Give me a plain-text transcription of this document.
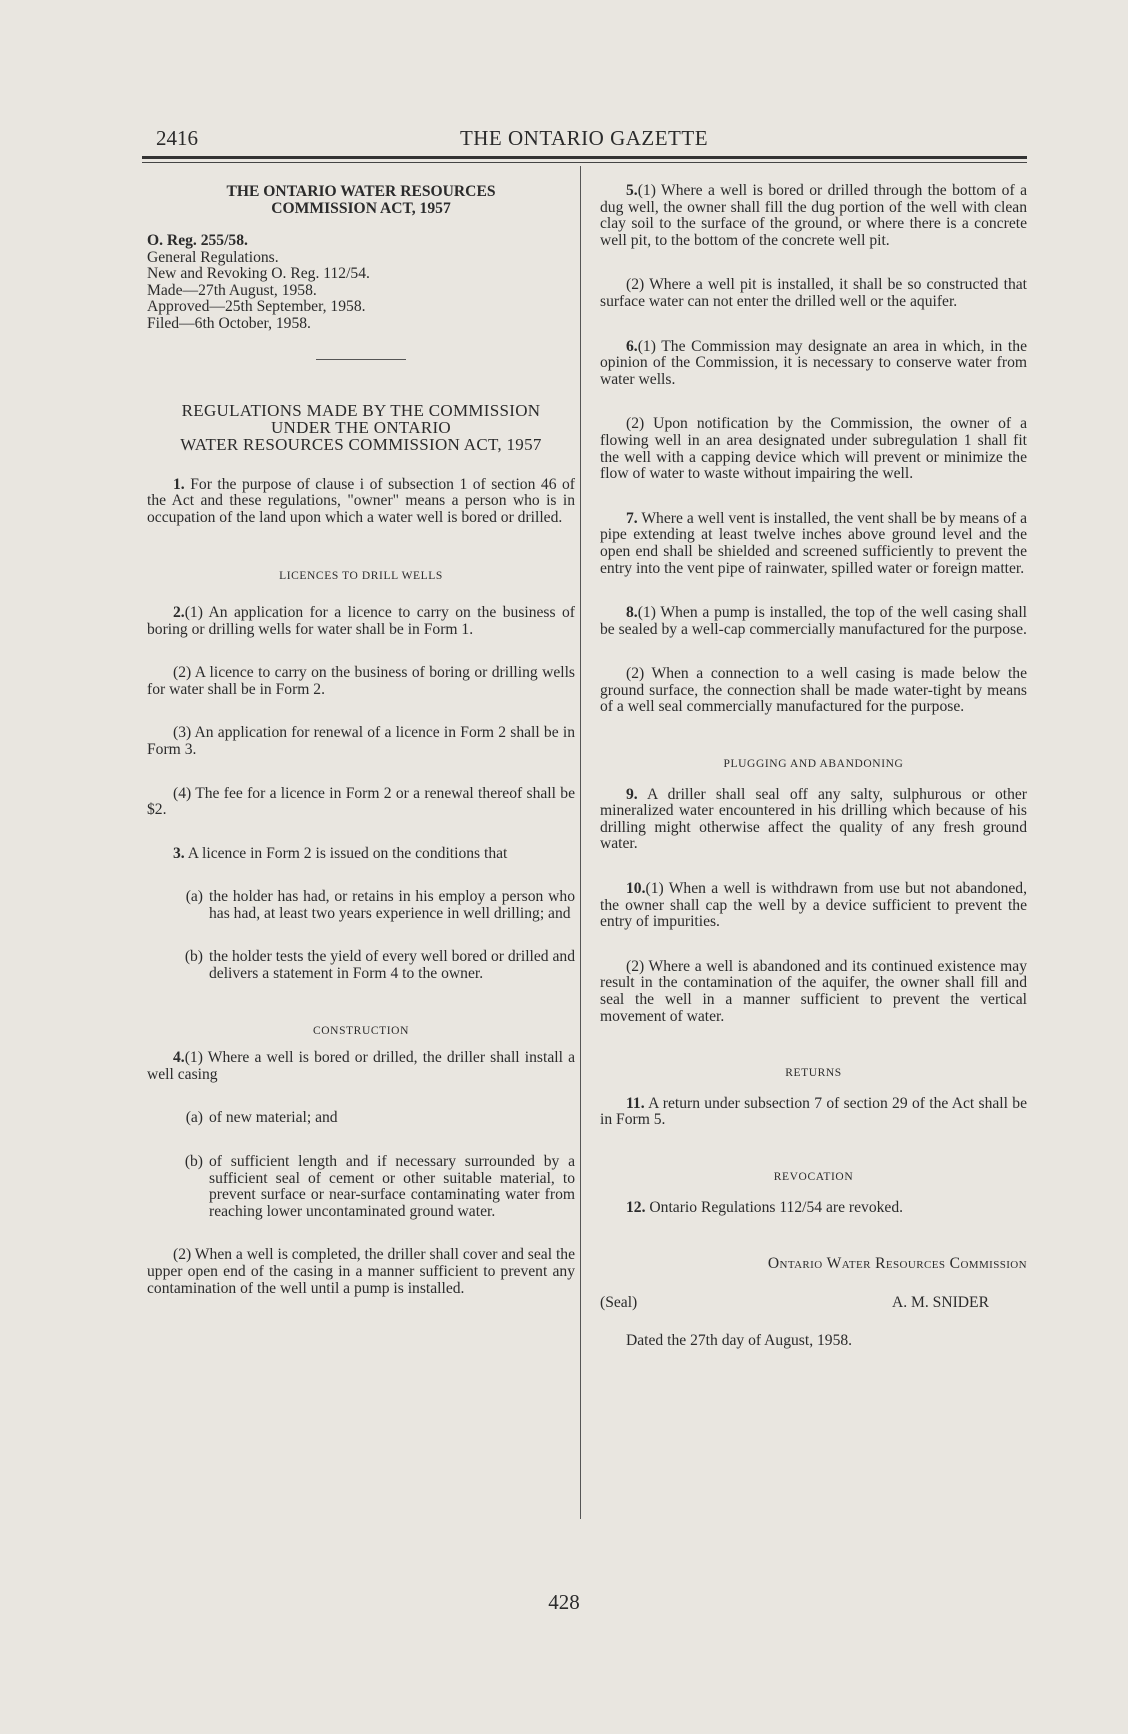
2416	THE ONTARIO GAZETTE
THE ONTARIO WATER RESOURCES
COMMISSION ACT, 1957
O. Reg. 255/58.
General Regulations.
New and Revoking O. Reg. 112/54.
Made—27th August, 1958.
Approved—25th September, 1958.
Filed—6th October, 1958.
REGULATIONS MADE BY THE COMMISSION
UNDER THE ONTARIO
WATER RESOURCES COMMISSION ACT, 1957

1. For the purpose of clause i of subsection 1 of section 46 of the Act and these regulations, "owner" means a person who is in occupation of the land upon which a water well is bored or drilled.

LICENCES TO DRILL WELLS

2.(1) An application for a licence to carry on the business of boring or drilling wells for water shall be in Form 1.

(2) A licence to carry on the business of boring or drilling wells for water shall be in Form 2.

(3) An application for renewal of a licence in Form 2 shall be in Form 3.

(4) The fee for a licence in Form 2 or a renewal thereof shall be $2.

3. A licence in Form 2 is issued on the conditions that

(a) the holder has had, or retains in his employ a person who has had, at least two years experience in well drilling; and
(b) the holder tests the yield of every well bored or drilled and delivers a statement in Form 4 to the owner.
CONSTRUCTION

4.(1) Where a well is bored or drilled, the driller shall install a well casing

(a) of new material; and
(b) of sufficient length and if necessary surrounded by a sufficient seal of cement or other suitable material, to prevent surface or near-surface contaminating water from reaching lower uncontaminated ground water.

(2) When a well is completed, the driller shall cover and seal the upper open end of the casing in a manner sufficient to prevent any contamination of the well until a pump is installed.

5.(1) Where a well is bored or drilled through the bottom of a dug well, the owner shall fill the dug portion of the well with clean clay soil to the surface of the ground, or where there is a concrete well pit, to the bottom of the concrete well pit.

(2) Where a well pit is installed, it shall be so constructed that surface water can not enter the drilled well or the aquifer.

6.(1) The Commission may designate an area in which, in the opinion of the Commission, it is necessary to conserve water from water wells.

(2) Upon notification by the Commission, the owner of a flowing well in an area designated under subregulation 1 shall fit the well with a capping device which will prevent or minimize the flow of water to waste without impairing the well.

7. Where a well vent is installed, the vent shall be by means of a pipe extending at least twelve inches above ground level and the open end shall be shielded and screened sufficiently to prevent the entry into the vent pipe of rainwater, spilled water or foreign matter.

8.(1) When a pump is installed, the top of the well casing shall be sealed by a well-cap commercially manufactured for the purpose.

(2) When a connection to a well casing is made below the ground surface, the connection shall be made water-tight by means of a well seal commercially manufactured for the purpose.

PLUGGING AND ABANDONING

9. A driller shall seal off any salty, sulphurous or other mineralized water encountered in his drilling which because of his drilling might otherwise affect the quality of any fresh ground water.

10.(1) When a well is withdrawn from use but not abandoned, the owner shall cap the well by a device sufficient to prevent the entry of impurities.

(2) Where a well is abandoned and its continued existence may result in the contamination of the aquifer, the owner shall fill and seal the well in a manner sufficient to prevent the vertical movement of water.

RETURNS

11. A return under subsection 7 of section 29 of the Act shall be in Form 5.

REVOCATION

12. Ontario Regulations 112/54 are revoked.

Ontario Water Resources Commission
(Seal)	A. M. SNIDER

Dated the 27th day of August, 1958.

428
